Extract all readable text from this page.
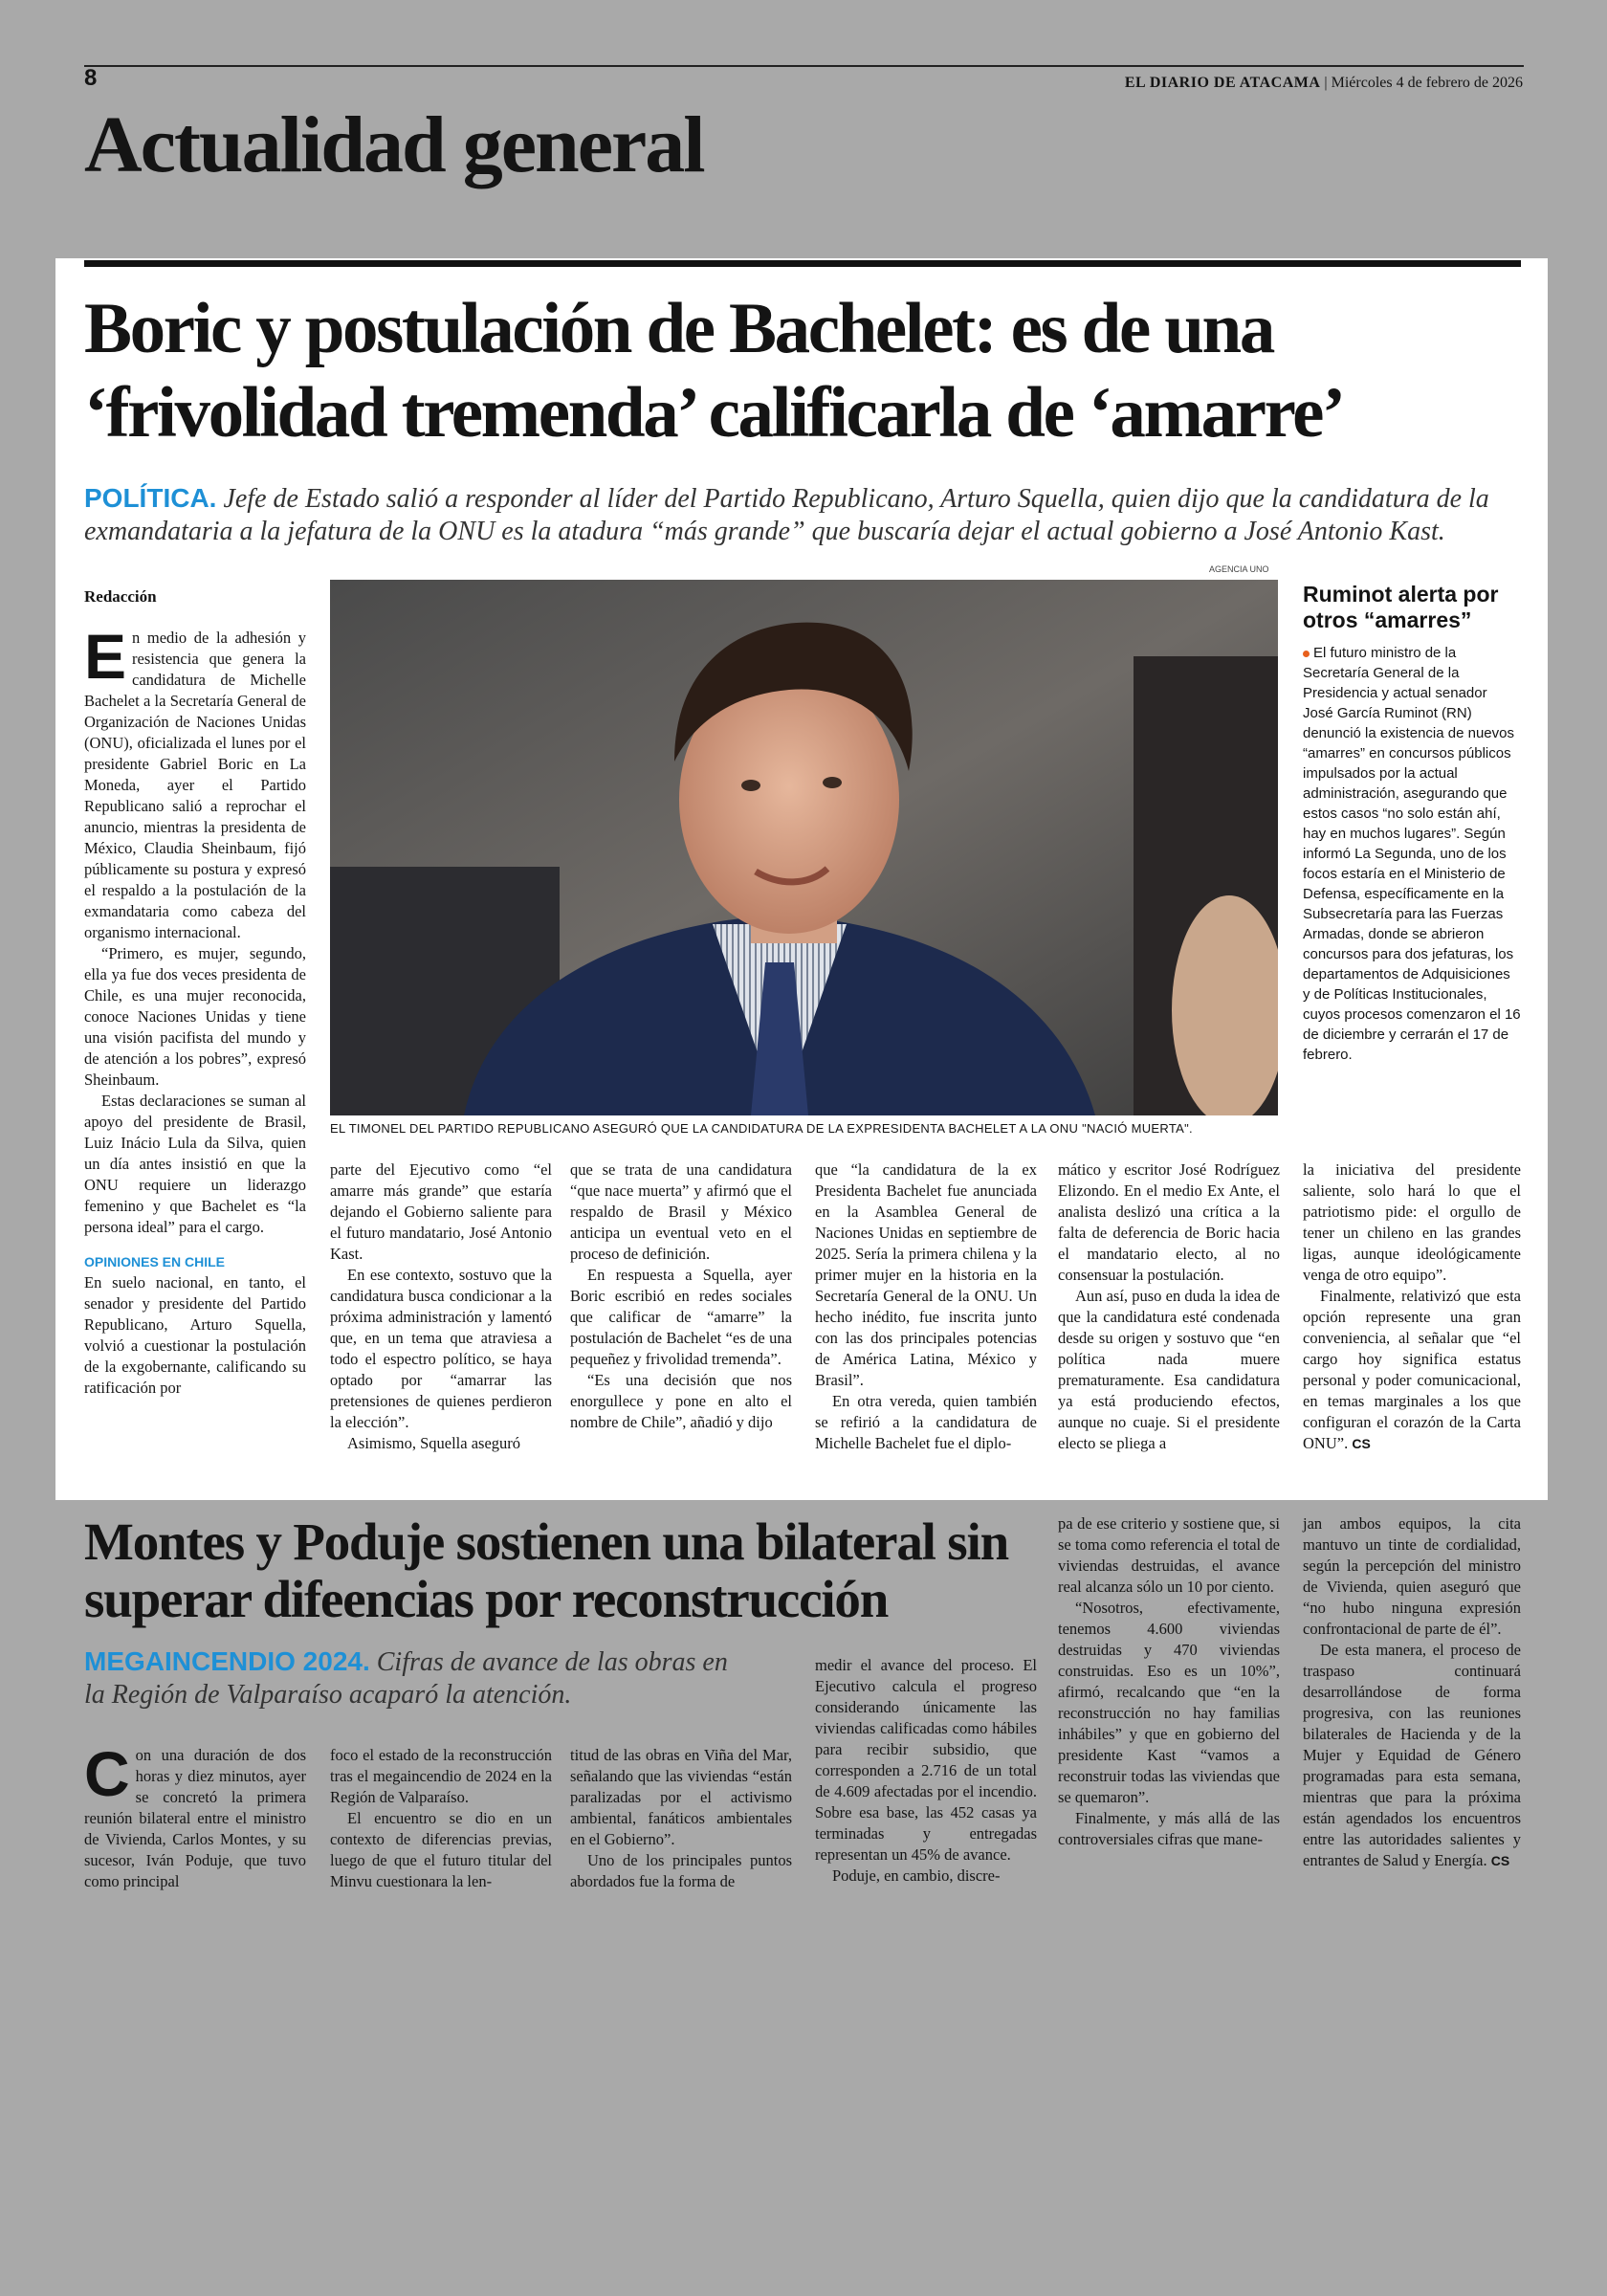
8	EL DIARIO DE ATACAMA | Miércoles 4 de febrero de 2026
Actualidad general
Boric y postulación de Bachelet: es de una ‘frivolidad tremenda’ calificarla de ‘amarre’

POLÍTICA. Jefe de Estado salió a responder al líder del Partido Republicano, Arturo Squella, quien dijo que la candidatura de la exmandataria a la jefatura de la ONU es la atadura “más grande” que buscaría dejar el actual gobierno a José Antonio Kast.

AGENCIA UNO
EL TIMONEL DEL PARTIDO REPUBLICANO ASEGURÓ QUE LA CANDIDATURA DE LA EXPRESIDENTA BACHELET A LA ONU "NACIÓ MUERTA".
Redacción

En medio de la adhesión y resistencia que genera la candidatura de Michelle Bachelet a la Secretaría General de Organización de Naciones Unidas (ONU), oficializada el lunes por el presidente Gabriel Boric en La Moneda, ayer el Partido Republicano salió a reprochar el anuncio, mientras la presidenta de México, Claudia Sheinbaum, fijó públicamente su postura y expresó el respaldo a la postulación de la exmandataria como cabeza del organismo internacional.

“Primero, es mujer, segundo, ella ya fue dos veces presidenta de Chile, es una mujer reconocida, conoce Naciones Unidas y tiene una visión pacifista del mundo y de atención a los pobres”, expresó Sheinbaum.

Estas declaraciones se suman al apoyo del presidente de Brasil, Luiz Inácio Lula da Silva, quien un día antes insistió en que la ONU requiere un liderazgo femenino y que Bachelet es “la persona ideal” para el cargo.

OPINIONES EN CHILE

En suelo nacional, en tanto, el senador y presidente del Partido Republicano, Arturo Squella, volvió a cuestionar la postulación de la exgobernante, calificando su ratificación por

parte del Ejecutivo como “el amarre más grande” que estaría dejando el Gobierno saliente para el futuro mandatario, José Antonio Kast.

En ese contexto, sostuvo que la candidatura busca condicionar a la próxima administración y lamentó que, en un tema que atraviesa a todo el espectro político, se haya optado por “amarrar las pretensiones de quienes perdieron la elección”.

Asimismo, Squella aseguró

que se trata de una candidatura “que nace muerta” y afirmó que el respaldo de Brasil y México anticipa un eventual veto en el proceso de definición.

En respuesta a Squella, ayer Boric escribió en redes sociales que calificar de “amarre” la postulación de Bachelet “es de una pequeñez y frivolidad tremenda”.

“Es una decisión que nos enorgullece y pone en alto el nombre de Chile”, añadió y dijo

que “la candidatura de la ex Presidenta Bachelet fue anunciada en la Asamblea General de Naciones Unidas en septiembre de 2025. Sería la primera chilena y la primer mujer en la historia en la Secretaría General de la ONU. Un hecho inédito, fue inscrita junto con las dos principales potencias de América Latina, México y Brasil”.

En otra vereda, quien también se refirió a la candidatura de Michelle Bachelet fue el diplo-

mático y escritor José Rodríguez Elizondo. En el medio Ex Ante, el analista deslizó una crítica a la falta de deferencia de Boric hacia el mandatario electo, al no consensuar la postulación.

Aun así, puso en duda la idea de que la candidatura esté condenada desde su origen y sostuvo que “en política nada muere prematuramente. Esa candidatura ya está produciendo efectos, aunque no cuaje. Si el presidente electo se pliega a

la iniciativa del presidente saliente, solo hará lo que el patriotismo pide: el orgullo de tener un chileno en las grandes ligas, aunque ideológicamente venga de otro equipo”.

Finalmente, relativizó que esta opción represente una gran conveniencia, al señalar que “el cargo hoy significa estatus personal y poder comunicacional, en temas marginales a los que configuran el corazón de la Carta ONU”. CS

Ruminot alerta por otros “amarres”

El futuro ministro de la Secretaría General de la Presidencia y actual senador José García Ruminot (RN) denunció la existencia de nuevos “amarres” en concursos públicos impulsados por la actual administración, asegurando que estos casos “no solo están ahí, hay en muchos lugares”. Según informó La Segunda, uno de los focos estaría en el Ministerio de Defensa, específicamente en la Subsecretaría para las Fuerzas Armadas, donde se abrieron concursos para dos jefaturas, los departamentos de Adquisiciones y de Políticas Institucionales, cuyos procesos comenzaron el 16 de diciembre y cerrarán el 17 de febrero.

Montes y Poduje sostienen una bilateral sin superar difeencias por reconstrucción

MEGAINCENDIO 2024. Cifras de avance de las obras en la Región de Valparaíso acaparó la atención.

Con una duración de dos horas y diez minutos, ayer se concretó la primera reunión bilateral entre el ministro de Vivienda, Carlos Montes, y su sucesor, Iván Poduje, que tuvo como principal

foco el estado de la reconstrucción tras el megaincendio de 2024 en la Región de Valparaíso.

El encuentro se dio en un contexto de diferencias previas, luego de que el futuro titular del Minvu cuestionara la len-

titud de las obras en Viña del Mar, señalando que las viviendas “están paralizadas por el activismo ambiental, fanáticos ambientales en el Gobierno”.

Uno de los principales puntos abordados fue la forma de

medir el avance del proceso. El Ejecutivo calcula el progreso considerando únicamente las viviendas calificadas como hábiles para recibir subsidio, que corresponden a 2.716 de un total de 4.609 afectadas por el incendio. Sobre esa base, las 452 casas ya terminadas y entregadas representan un 45% de avance.

Poduje, en cambio, discre-

pa de ese criterio y sostiene que, si se toma como referencia el total de viviendas destruidas, el avance real alcanza sólo un 10 por ciento.

“Nosotros, efectivamente, tenemos 4.600 viviendas destruidas y 470 viviendas construidas. Eso es un 10%”, afirmó, recalcando que “en la reconstrucción no hay familias inhábiles” y que en gobierno del presidente Kast “vamos a reconstruir todas las viviendas que se quemaron”.

Finalmente, y más allá de las controversiales cifras que mane-

jan ambos equipos, la cita mantuvo un tinte de cordialidad, según la percepción del ministro de Vivienda, quien aseguró que “no hubo ninguna expresión confrontacional de parte de él”.

De esta manera, el proceso de traspaso continuará desarrollándose de forma progresiva, con las reuniones bilaterales de Hacienda y de la Mujer y Equidad de Género programadas para esta semana, mientras que para la próxima están agendados los encuentros entre las autoridades salientes y entrantes de Salud y Energía. CS
